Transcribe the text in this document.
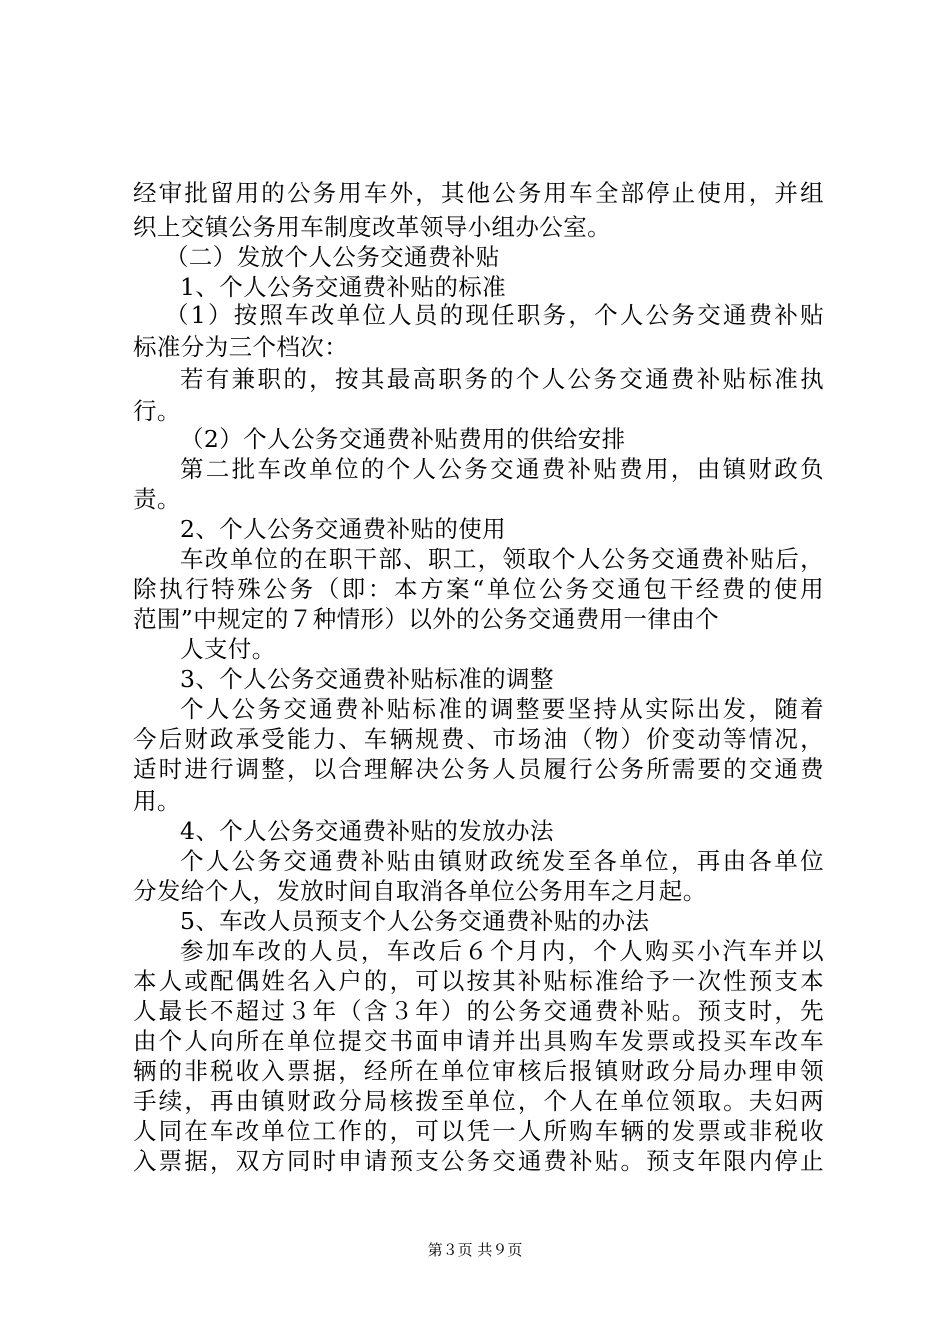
经审批留用的公务用车外，其他公务用车全部停止使用，并组
织上交镇公务用车制度改革领导小组办公室。
（二）发放个人公务交通费补贴
1、个人公务交通费补贴的标准
（1）按照车改单位人员的现任职务，个人公务交通费补贴
标准分为三个档次：
若有兼职的，按其最高职务的个人公务交通费补贴标准执
行。
（2）个人公务交通费补贴费用的供给安排
第二批车改单位的个人公务交通费补贴费用，由镇财政负
责。
2、个人公务交通费补贴的使用
车改单位的在职干部、职工，领取个人公务交通费补贴后，
除执行特殊公务（即：本方案“单位公务交通包干经费的使用
范围”中规定的７种情形）以外的公务交通费用一律由个
人支付。
3、个人公务交通费补贴标准的调整
个人公务交通费补贴标准的调整要坚持从实际出发，随着
今后财政承受能力、车辆规费、市场油（物）价变动等情况，
适时进行调整，以合理解决公务人员履行公务所需要的交通费
用。
4、个人公务交通费补贴的发放办法
个人公务交通费补贴由镇财政统发至各单位，再由各单位
分发给个人，发放时间自取消各单位公务用车之月起。
5、车改人员预支个人公务交通费补贴的办法
参加车改的人员，车改后６个月内，个人购买小汽车并以
本人或配偶姓名入户的，可以按其补贴标准给予一次性预支本
人最长不超过３年（含３年）的公务交通费补贴。预支时，先
由个人向所在单位提交书面申请并出具购车发票或投买车改车
辆的非税收入票据，经所在单位审核后报镇财政分局办理申领
手续，再由镇财政分局核拨至单位，个人在单位领取。夫妇两
人同在车改单位工作的，可以凭一人所购车辆的发票或非税收
入票据，双方同时申请预支公务交通费补贴。预支年限内停止
第３页 共９页
